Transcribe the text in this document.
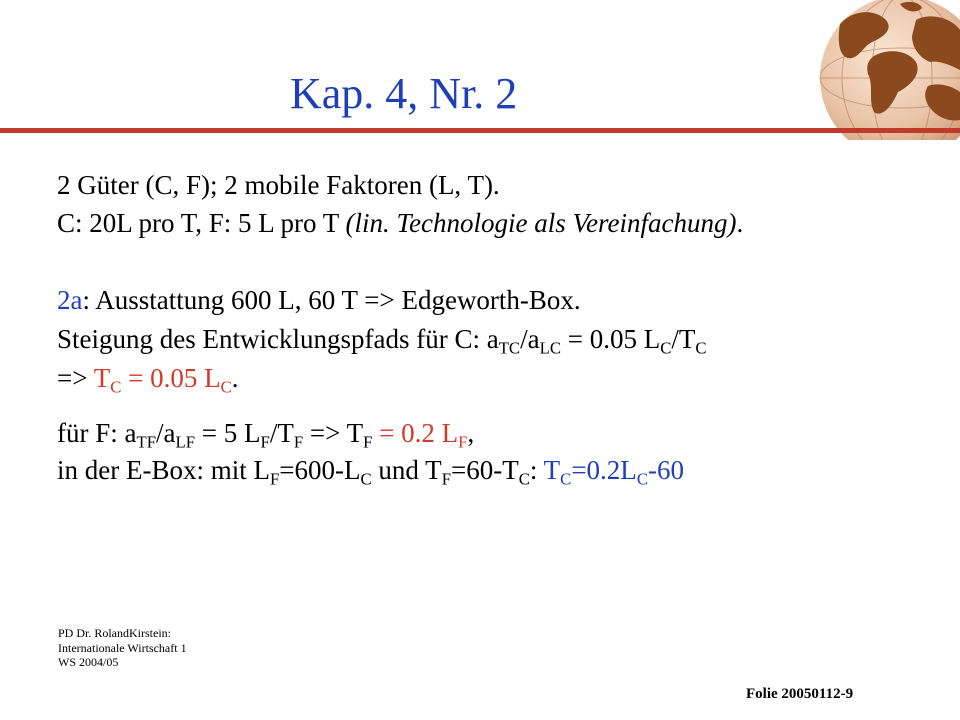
Kap. 4, Nr. 2
2 Güter (C, F); 2 mobile Faktoren (L, T).
C: 20L pro T, F: 5 L pro T (lin. Technologie als Vereinfachung).
2a: Ausstattung 600 L, 60 T => Edgeworth-Box.
Steigung des Entwicklungspfads für C: $a_{TC}/a_{LC} = 0.05$ $L_C/T_C$
=> $T_C = 0.05$ $L_C$.
für F: $a_{TF}/a_{LF} = 5$ $L_F/T_F => T_F = 0.2$ $L_F$,
in der E-Box: mit $L_F=600-L_C$ und $T_F=60-T_C$: $T_C=0.2L_C-60$
PD Dr. RolandKirstein:
Internationale Wirtschaft 1
WS 2004/05
Folie 20050112-9
